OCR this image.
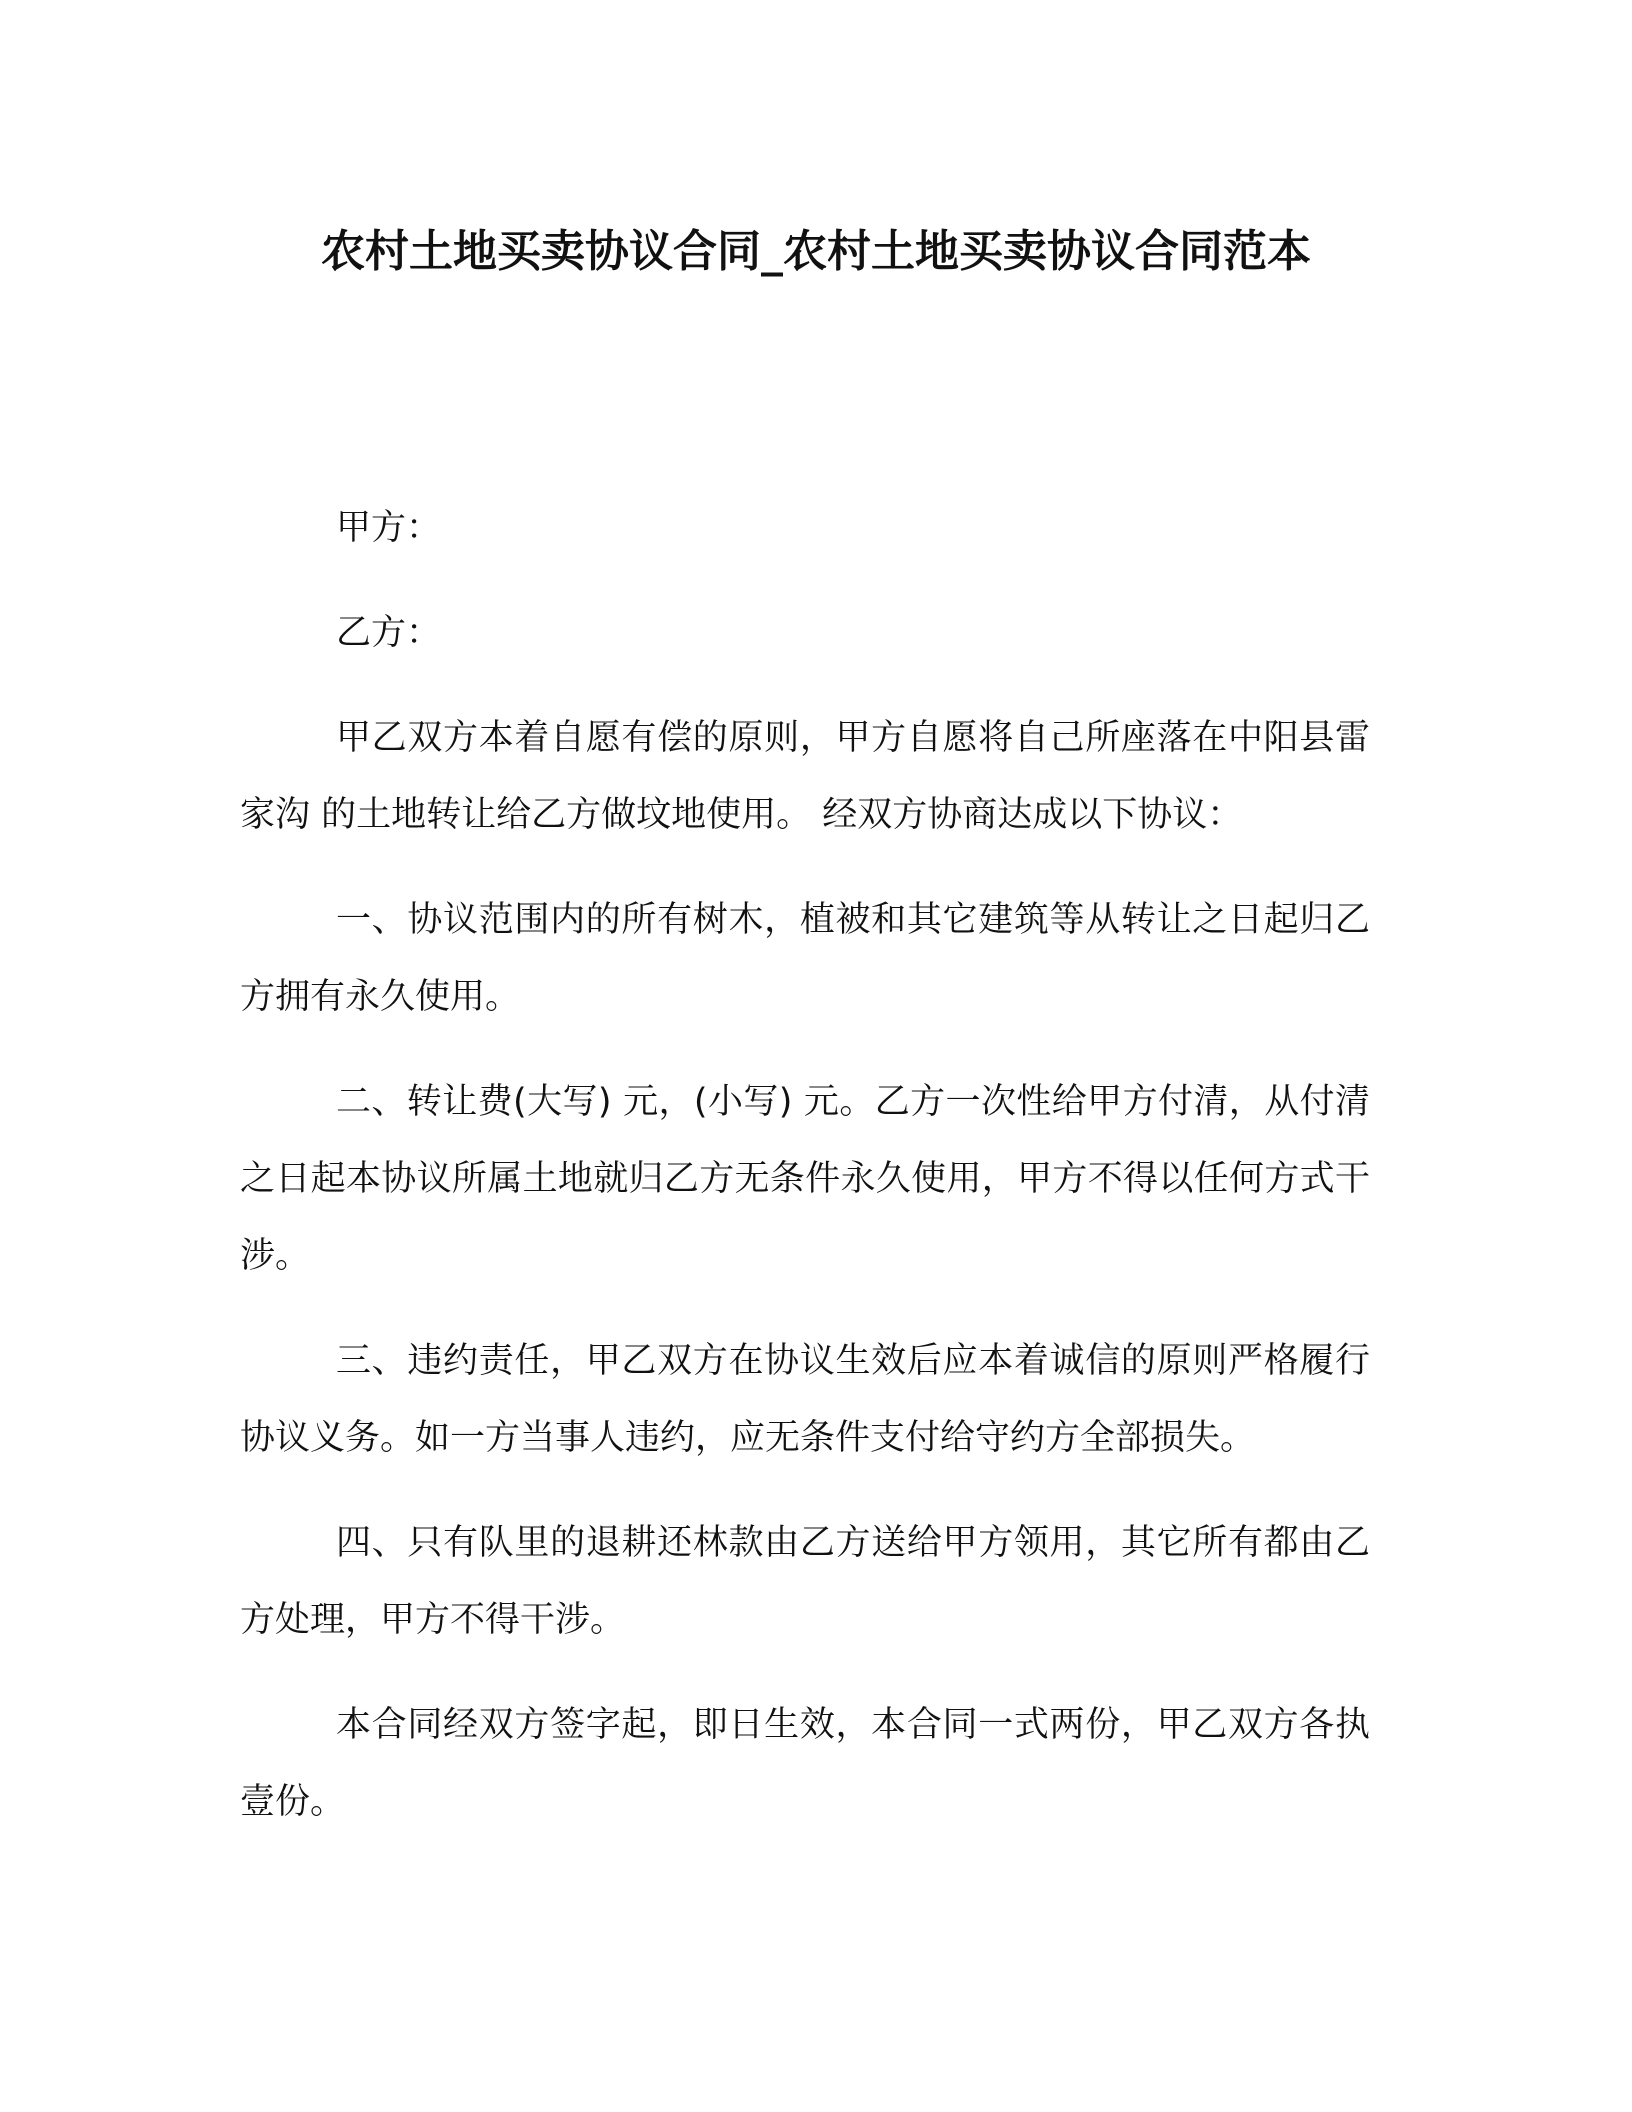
农村土地买卖协议合同_农村土地买卖协议合同范本

甲方：

乙方：

甲乙双方本着自愿有偿的原则，甲方自愿将自己所座落在中阳县雷家沟 的土地转让给乙方做坟地使用。 经双方协商达成以下协议：

一、协议范围内的所有树木，植被和其它建筑等从转让之日起归乙方拥有永久使用。

二、转让费(大写) 元，(小写) 元。乙方一次性给甲方付清，从付清之日起本协议所属土地就归乙方无条件永久使用，甲方不得以任何方式干涉。

三、违约责任，甲乙双方在协议生效后应本着诚信的原则严格履行协议义务。如一方当事人违约，应无条件支付给守约方全部损失。

四、只有队里的退耕还林款由乙方送给甲方领用，其它所有都由乙方处理，甲方不得干涉。

本合同经双方签字起，即日生效，本合同一式两份，甲乙双方各执壹份。
